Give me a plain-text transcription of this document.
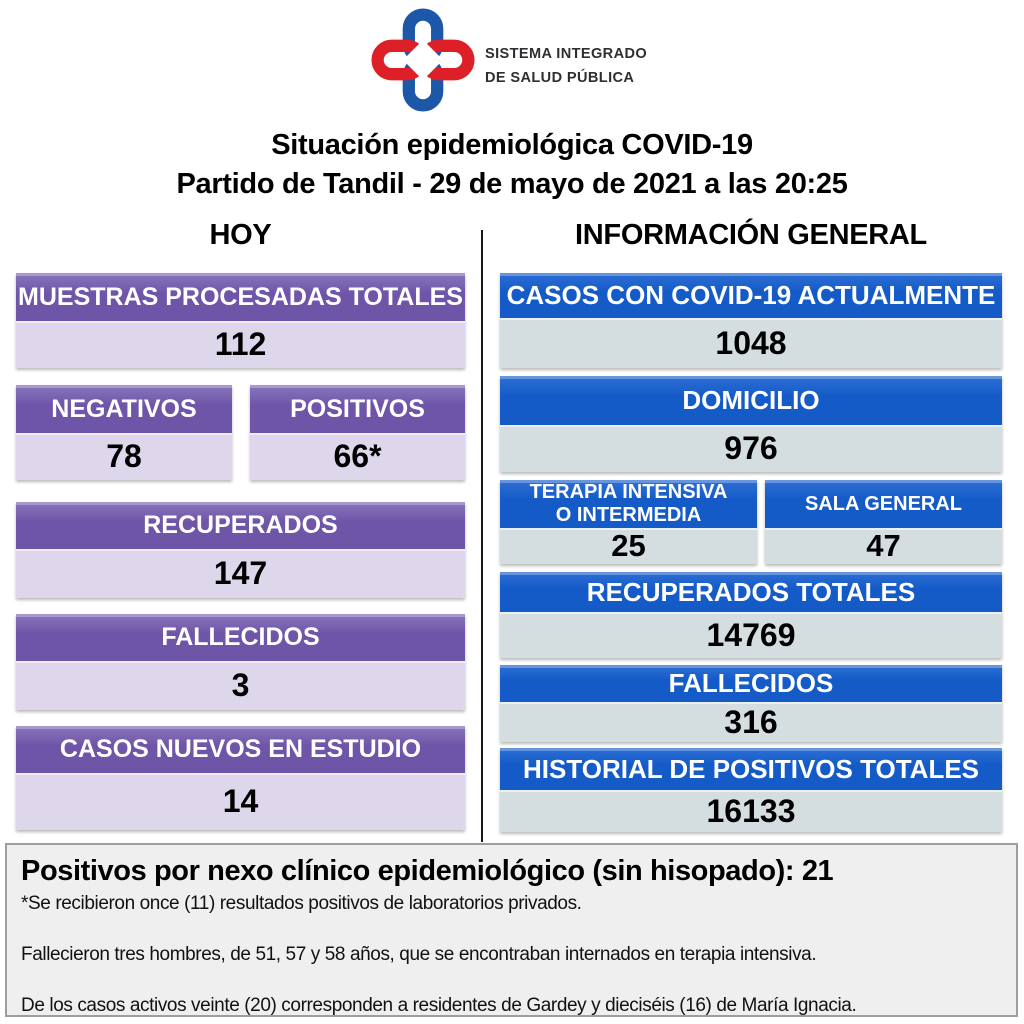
SISTEMA INTEGRADO
DE SALUD PÚBLICA
Situación epidemiológica COVID-19
Partido de Tandil - 29 de mayo de 2021 a las 20:25
HOY	INFORMACIÓN GENERAL
MUESTRAS PROCESADAS TOTALES
112
NEGATIVOS
78
POSITIVOS
66*
RECUPERADOS
147
FALLECIDOS
3
CASOS NUEVOS EN ESTUDIO
14
CASOS CON COVID-19 ACTUALMENTE
1048
DOMICILIO
976
TERAPIA INTENSIVA O INTERMEDIA
25
SALA GENERAL
47
RECUPERADOS TOTALES
14769
FALLECIDOS
316
HISTORIAL DE POSITIVOS TOTALES
16133
Positivos por nexo clínico epidemiológico (sin hisopado): 21
*Se recibieron once (11) resultados positivos de laboratorios privados.
Fallecieron tres hombres, de 51, 57 y 58 años, que se encontraban internados en terapia intensiva.
De los casos activos veinte (20) corresponden a residentes de Gardey y dieciséis (16) de María Ignacia.
